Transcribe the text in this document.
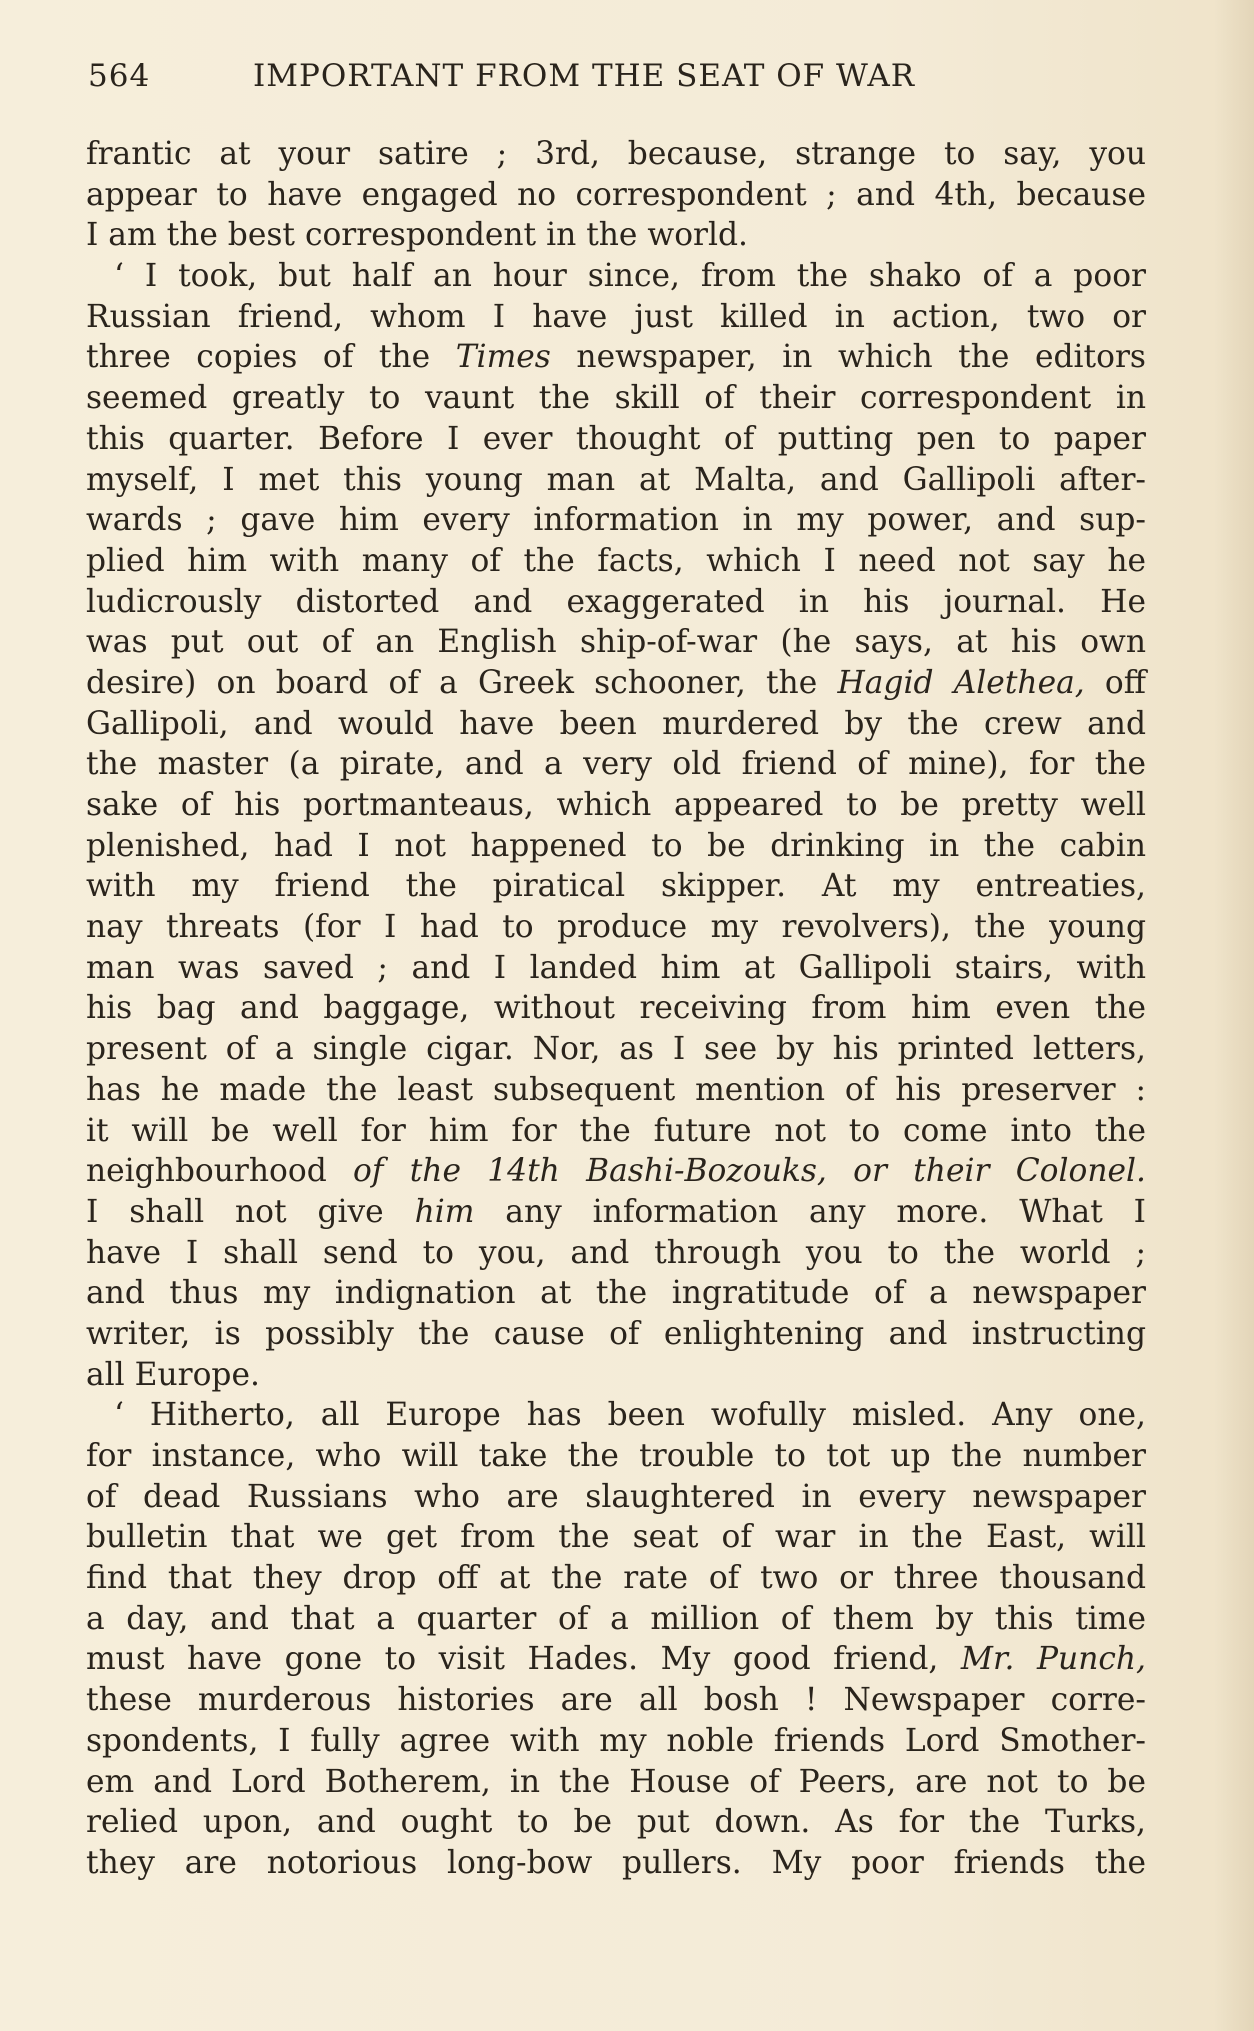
564	IMPORTANT FROM THE SEAT OF WAR
frantic at your satire ; 3rd, because, strange to say, you
appear to have engaged no correspondent ; and 4th, because
I am the best correspondent in the world.
‘ I took, but half an hour since, from the shako of a poor
Russian friend, whom I have just killed in action, two or
three copies of the Times newspaper, in which the editors
seemed greatly to vaunt the skill of their correspondent in
this quarter. Before I ever thought of putting pen to paper
myself, I met this young man at Malta, and Gallipoli after-
wards ; gave him every information in my power, and sup-
plied him with many of the facts, which I need not say he
ludicrously distorted and exaggerated in his journal. He
was put out of an English ship-of-war (he says, at his own
desire) on board of a Greek schooner, the Hagid Alethea, off
Gallipoli, and would have been murdered by the crew and
the master (a pirate, and a very old friend of mine), for the
sake of his portmanteaus, which appeared to be pretty well
plenished, had I not happened to be drinking in the cabin
with my friend the piratical skipper. At my entreaties,
nay threats (for I had to produce my revolvers), the young
man was saved ; and I landed him at Gallipoli stairs, with
his bag and baggage, without receiving from him even the
present of a single cigar. Nor, as I see by his printed letters,
has he made the least subsequent mention of his preserver :
it will be well for him for the future not to come into the
neighbourhood of the 14th Bashi-Bozouks, or their Colonel.
I shall not give him any information any more. What I
have I shall send to you, and through you to the world ;
and thus my indignation at the ingratitude of a newspaper
writer, is possibly the cause of enlightening and instructing
all Europe.
‘ Hitherto, all Europe has been wofully misled. Any one,
for instance, who will take the trouble to tot up the number
of dead Russians who are slaughtered in every newspaper
bulletin that we get from the seat of war in the East, will
find that they drop off at the rate of two or three thousand
a day, and that a quarter of a million of them by this time
must have gone to visit Hades. My good friend, Mr. Punch,
these murderous histories are all bosh ! Newspaper corre-
spondents, I fully agree with my noble friends Lord Smother-
em and Lord Botherem, in the House of Peers, are not to be
relied upon, and ought to be put down. As for the Turks,
they are notorious long-bow pullers. My poor friends the
